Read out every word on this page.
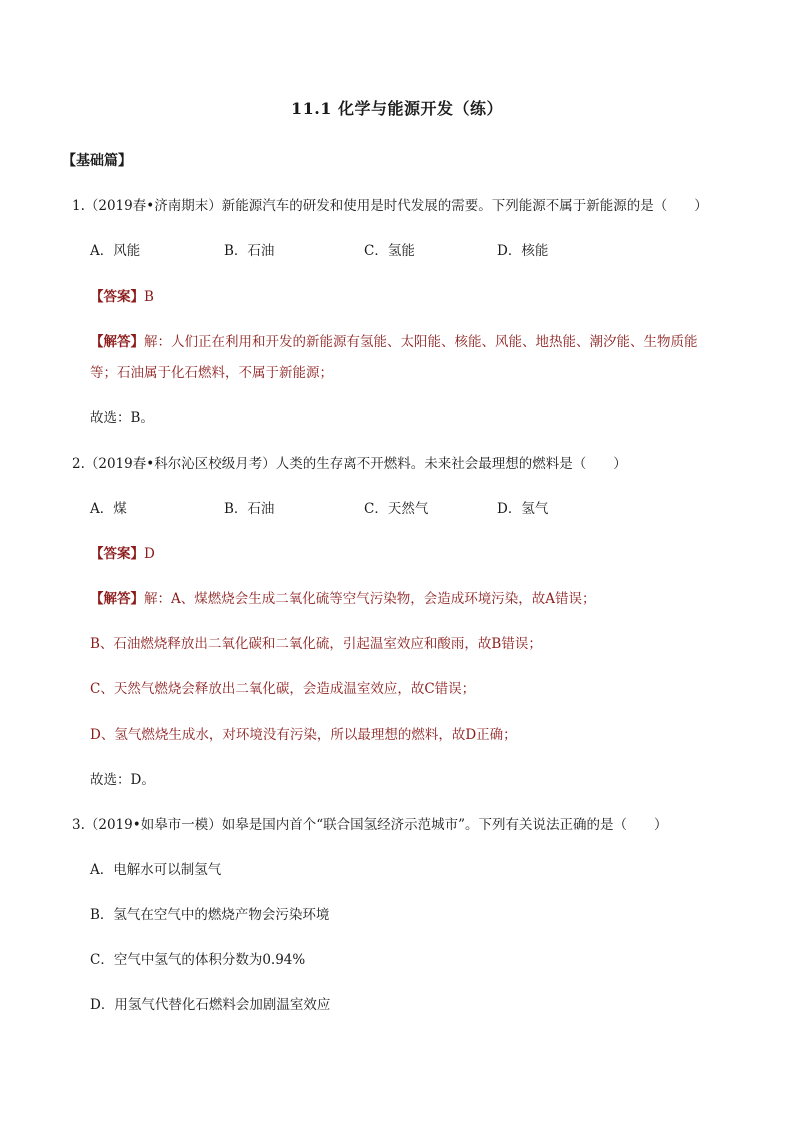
11.1 化学与能源开发（练）
【基础篇】
1.（2019春•济南期末）新能源汽车的研发和使用是时代发展的需要。下列能源不属于新能源的是（　　）
A．风能	B．石油	C．氢能	D．核能
【答案】B
【解答】解：人们正在利用和开发的新能源有氢能、太阳能、核能、风能、地热能、潮汐能、生物质能
等；石油属于化石燃料，不属于新能源；
故选：B。
2.（2019春•科尔沁区校级月考）人类的生存离不开燃料。未来社会最理想的燃料是（　　）
A．煤	B．石油	C．天然气	D．氢气
【答案】D
【解答】解：A、煤燃烧会生成二氧化硫等空气污染物，会造成环境污染，故A错误；
B、石油燃烧释放出二氧化碳和二氧化硫，引起温室效应和酸雨，故B错误；
C、天然气燃烧会释放出二氧化碳，会造成温室效应，故C错误；
D、氢气燃烧生成水，对环境没有污染，所以最理想的燃料，故D正确；
故选：D。
3.（2019•如皋市一模）如皋是国内首个“联合国氢经济示范城市”。下列有关说法正确的是（　　）
A．电解水可以制氢气
B．氢气在空气中的燃烧产物会污染环境
C．空气中氢气的体积分数为0.94%
D．用氢气代替化石燃料会加剧温室效应
